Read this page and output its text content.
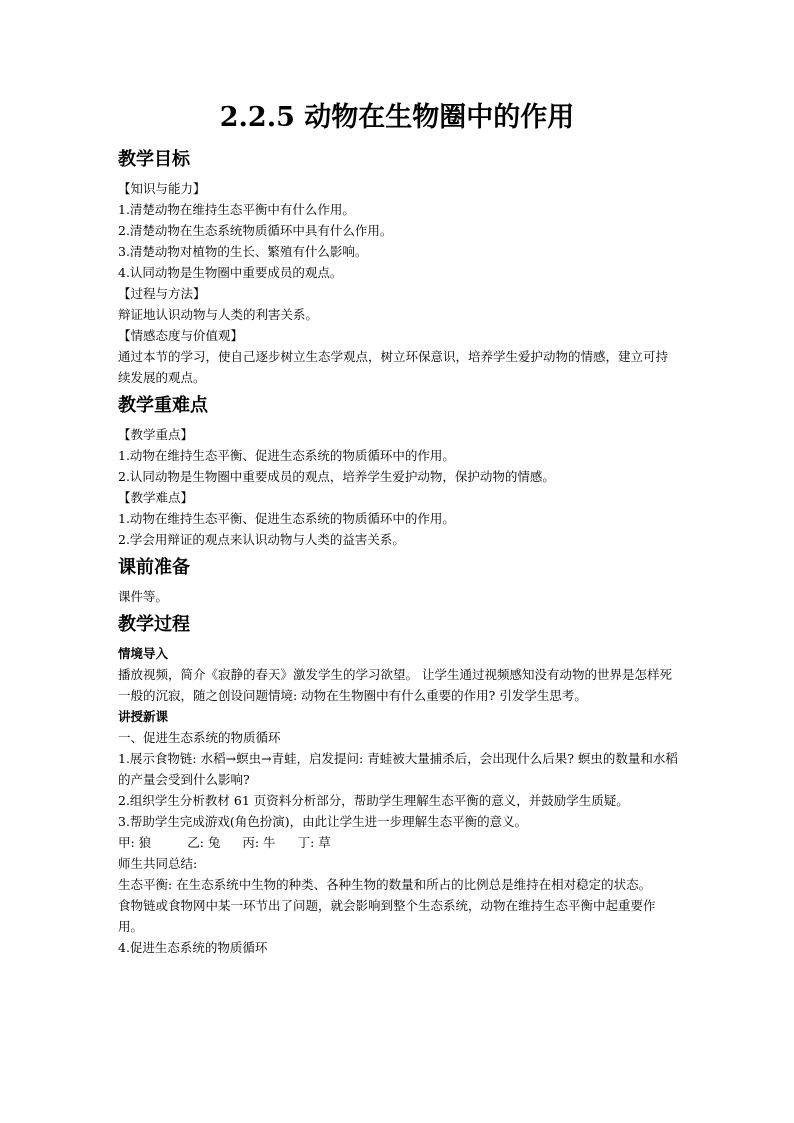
2.2.5 动物在生物圈中的作用
教学目标
【知识与能力】
1.清楚动物在维持生态平衡中有什么作用。
2.清楚动物在生态系统物质循环中具有什么作用。
3.清楚动物对植物的生长、繁殖有什么影响。
4.认同动物是生物圈中重要成员的观点。
【过程与方法】
辩证地认识动物与人类的利害关系。
【情感态度与价值观】
通过本节的学习，使自己逐步树立生态学观点，树立环保意识，培养学生爱护动物的情感，建立可持续发展的观点。
教学重难点
【教学重点】
1.动物在维持生态平衡、促进生态系统的物质循环中的作用。
2.认同动物是生物圈中重要成员的观点，培养学生爱护动物，保护动物的情感。
【教学难点】
1.动物在维持生态平衡、促进生态系统的物质循环中的作用。
2.学会用辩证的观点来认识动物与人类的益害关系。
课前准备
课件等。
教学过程
情境导入
播放视频，简介《寂静的春天》激发学生的学习欲望。 让学生通过视频感知没有动物的世界是怎样死一般的沉寂，随之创设问题情境: 动物在生物圈中有什么重要的作用? 引发学生思考。
讲授新课
一、促进生态系统的物质循环
1.展示食物链: 水稻→螟虫→青蛙，启发提问: 青蛙被大量捕杀后，会出现什么后果? 螟虫的数量和水稻的产量会受到什么影响?
2.组织学生分析教材 61 页资料分析部分，帮助学生理解生态平衡的意义，并鼓励学生质疑。
3.帮助学生完成游戏(角色扮演)，由此让学生进一步理解生态平衡的意义。
甲: 狼	乙: 兔 丙: 牛 丁: 草
师生共同总结:
生态平衡: 在生态系统中生物的种类、各种生物的数量和所占的比例总是维持在相对稳定的状态。
食物链或食物网中某一环节出了问题，就会影响到整个生态系统，动物在维持生态平衡中起重要作用。
4.促进生态系统的物质循环
